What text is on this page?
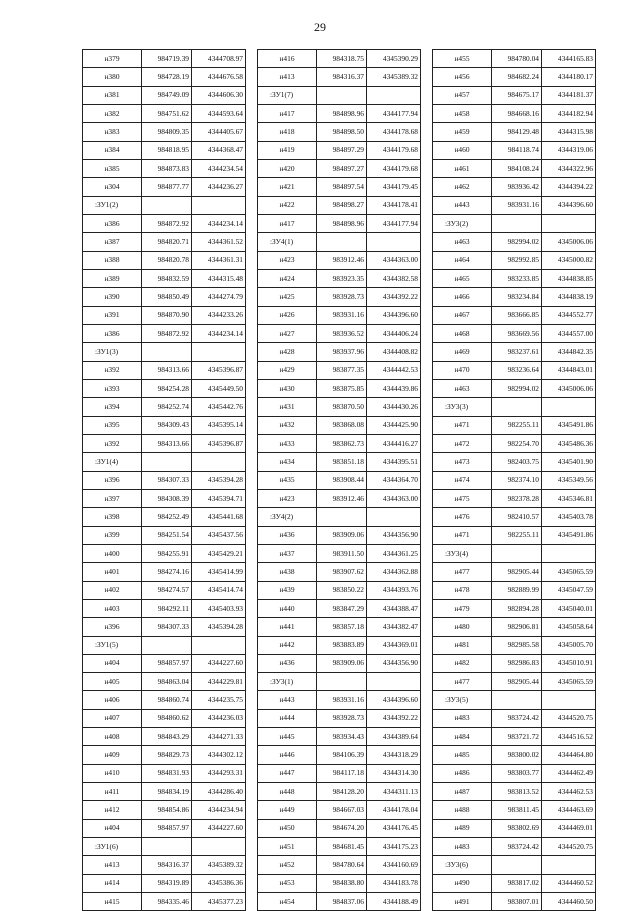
29
н379	984719.39	4344708.97
н380	984728.19	4344676.58
н381	984749.09	4344606.30
н382	984751.62	4344593.64
н383	984809.35	4344405.67
н384	984818.95	4344368.47
н385	984873.83	4344234.54
н304	984877.77	4344236.27
:ЗУ1(2)		
н386	984872.92	4344234.14
н387	984820.71	4344361.52
н388	984820.78	4344361.31
н389	984832.59	4344315.48
н390	984850.49	4344274.79
н391	984870.90	4344233.26
н386	984872.92	4344234.14
:ЗУ1(3)		
н392	984313.66	4345396.87
н393	984254.28	4345449.50
н394	984252.74	4345442.76
н395	984309.43	4345395.14
н392	984313.66	4345396.87
:ЗУ1(4)		
н396	984307.33	4345394.28
н397	984308.39	4345394.71
н398	984252.49	4345441.68
н399	984251.54	4345437.56
н400	984255.91	4345429.21
н401	984274.16	4345414.99
н402	984274.57	4345414.74
н403	984292.11	4345403.93
н396	984307.33	4345394.28
:ЗУ1(5)		
н404	984857.97	4344227.60
н405	984863.04	4344229.81
н406	984860.74	4344235.75
н407	984860.62	4344236.03
н408	984843.29	4344271.33
н409	984829.73	4344302.12
н410	984831.93	4344293.31
н411	984834.19	4344286.40
н412	984854.86	4344234.94
н404	984857.97	4344227.60
:ЗУ1(6)		
н413	984316.37	4345389.32
н414	984319.89	4345386.36
н415	984335.46	4345377.23
н416	984318.75	4345390.29
н413	984316.37	4345389.32
:ЗУ1(7)		
н417	984898.96	4344177.94
н418	984898.50	4344178.68
н419	984897.29	4344179.68
н420	984897.27	4344179.68
н421	984897.54	4344179.45
н422	984898.27	4344178.41
н417	984898.96	4344177.94
:ЗУ4(1)		
н423	983912.46	4344363.00
н424	983923.35	4344382.58
н425	983928.73	4344392.22
н426	983931.16	4344396.60
н427	983936.52	4344406.24
н428	983937.96	4344408.82
н429	983877.35	4344442.53
н430	983875.85	4344439.86
н431	983870.50	4344430.26
н432	983868.08	4344425.90
н433	983862.73	4344416.27
н434	983851.18	4344395.51
н435	983908.44	4344364.70
н423	983912.46	4344363.00
:ЗУ4(2)		
н436	983909.06	4344356.90
н437	983911.50	4344361.25
н438	983907.62	4344362.88
н439	983850.22	4344393.76
н440	983847.29	4344388.47
н441	983857.18	4344382.47
н442	983883.89	4344369.01
н436	983909.06	4344356.90
:ЗУ3(1)		
н443	983931.16	4344396.60
н444	983928.73	4344392.22
н445	983934.43	4344389.64
н446	984106.39	4344318.29
н447	984117.18	4344314.30
н448	984128.20	4344311.13
н449	984667.03	4344178.04
н450	984674.20	4344176.45
н451	984681.45	4344175.23
н452	984780.64	4344160.69
н453	984838.80	4344183.78
н454	984837.06	4344188.49
н455	984780.04	4344165.83
н456	984682.24	4344180.17
н457	984675.17	4344181.37
н458	984668.16	4344182.94
н459	984129.48	4344315.98
н460	984118.74	4344319.06
н461	984108.24	4344322.96
н462	983936.42	4344394.22
н443	983931.16	4344396.60
:ЗУ3(2)		
н463	982994.02	4345006.06
н464	982992.85	4345000.82
н465	983233.85	4344838.85
н466	983234.84	4344838.19
н467	983666.85	4344552.77
н468	983669.56	4344557.00
н469	983237.61	4344842.35
н470	983236.64	4344843.01
н463	982994.02	4345006.06
:ЗУ3(3)		
н471	982255.11	4345491.86
н472	982254.70	4345486.36
н473	982403.75	4345401.90
н474	982374.10	4345349.56
н475	982378.28	4345346.81
н476	982410.57	4345403.78
н471	982255.11	4345491.86
:ЗУ3(4)		
н477	982905.44	4345065.59
н478	982889.99	4345047.59
н479	982894.28	4345040.01
н480	982906.81	4345058.64
н481	982985.58	4345005.70
н482	982986.83	4345010.91
н477	982905.44	4345065.59
:ЗУ3(5)		
н483	983724.42	4344520.75
н484	983721.72	4344516.52
н485	983800.02	4344464.80
н486	983803.77	4344462.49
н487	983813.52	4344462.53
н488	983811.45	4344463.69
н489	983802.69	4344469.01
н483	983724.42	4344520.75
:ЗУ3(6)		
н490	983817.02	4344460.52
н491	983807.01	4344460.50
